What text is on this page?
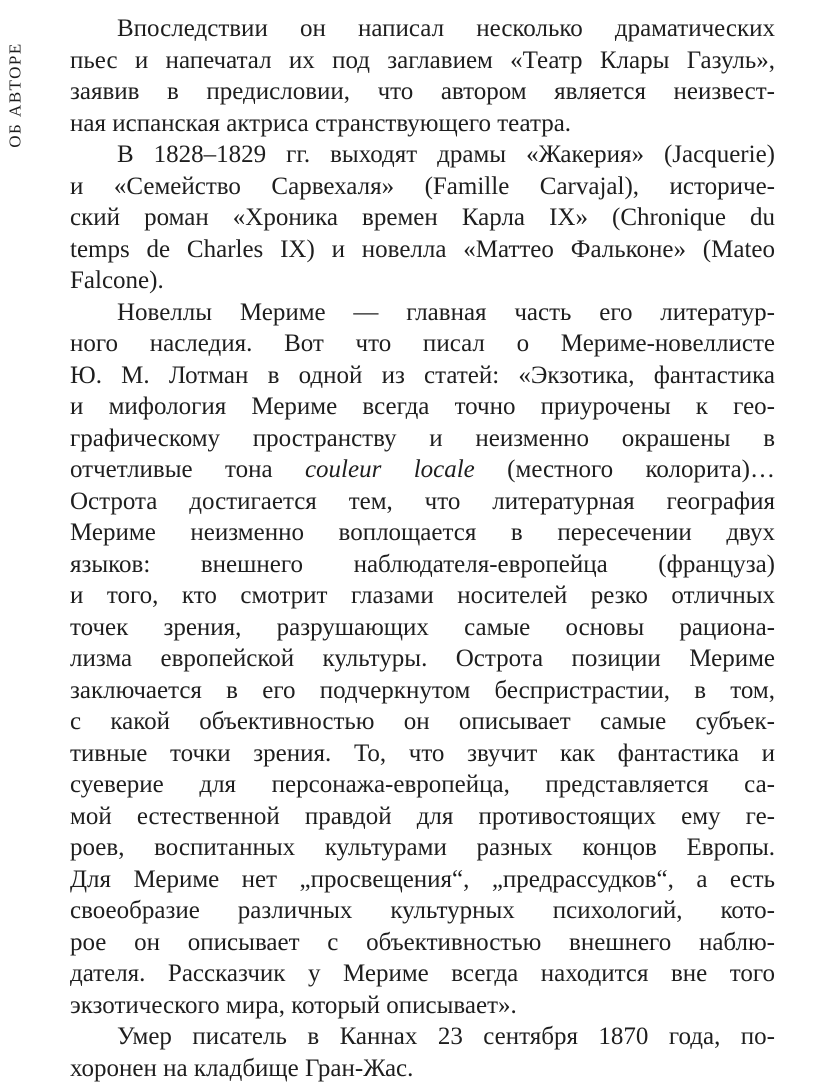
ОБ АВТОРЕ
Впоследствии он написал несколько драматических
пьес и напечатал их под заглавием «Театр Клары Газуль»,
заявив в предисловии, что автором является неизвест-
ная испанская актриса странствующего театра.
В 1828–1829 гг. выходят драмы «Жакерия» (Jacquerie)
и «Семейство Сарвехаля» (Famille Carvajal), историче-
ский роман «Хроника времен Карла IX» (Chronique du
temps de Charles IX) и новелла «Маттео Фальконе» (Mateo
Falcone).
Новеллы Мериме — главная часть его литератур-
ного наследия. Вот что писал о Мериме-новеллисте
Ю. М. Лотман в одной из статей: «Экзотика, фантастика
и мифология Мериме всегда точно приурочены к гео-
графическому пространству и неизменно окрашены в
отчетливые тона couleur locale (местного колорита)…
Острота достигается тем, что литературная география
Мериме неизменно воплощается в пересечении двух
языков: внешнего наблюдателя-европейца (француза)
и того, кто смотрит глазами носителей резко отличных
точек зрения, разрушающих самые основы рациона-
лизма европейской культуры. Острота позиции Мериме
заключается в его подчеркнутом беспристрастии, в том,
с какой объективностью он описывает самые субъек-
тивные точки зрения. То, что звучит как фантастика и
суеверие для персонажа-европейца, представляется са-
мой естественной правдой для противостоящих ему ге-
роев, воспитанных культурами разных концов Европы.
Для Мериме нет „просвещения“, „предрассудков“, а есть
своеобразие различных культурных психологий, кото-
рое он описывает с объективностью внешнего наблю-
дателя. Рассказчик у Мериме всегда находится вне того
экзотического мира, который описывает».
Умер писатель в Каннах 23 сентября 1870 года, по-
хоронен на кладбище Гран-Жас.
